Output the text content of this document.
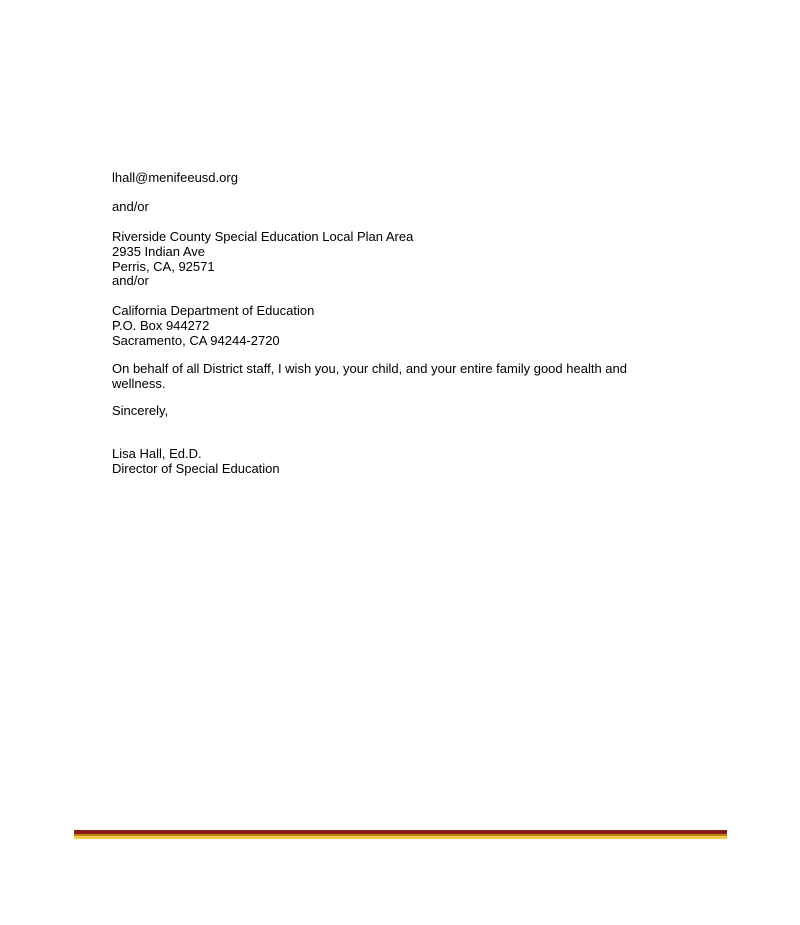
lhall@menifeeusd.org
and/or
Riverside County Special Education Local Plan Area
2935 Indian Ave
Perris, CA, 92571
and/or
California Department of Education
P.O. Box 944272
Sacramento, CA 94244-2720
On behalf of all District staff, I wish you, your child, and your entire family good health and
wellness.
Sincerely,
Lisa Hall, Ed.D.
Director of Special Education
